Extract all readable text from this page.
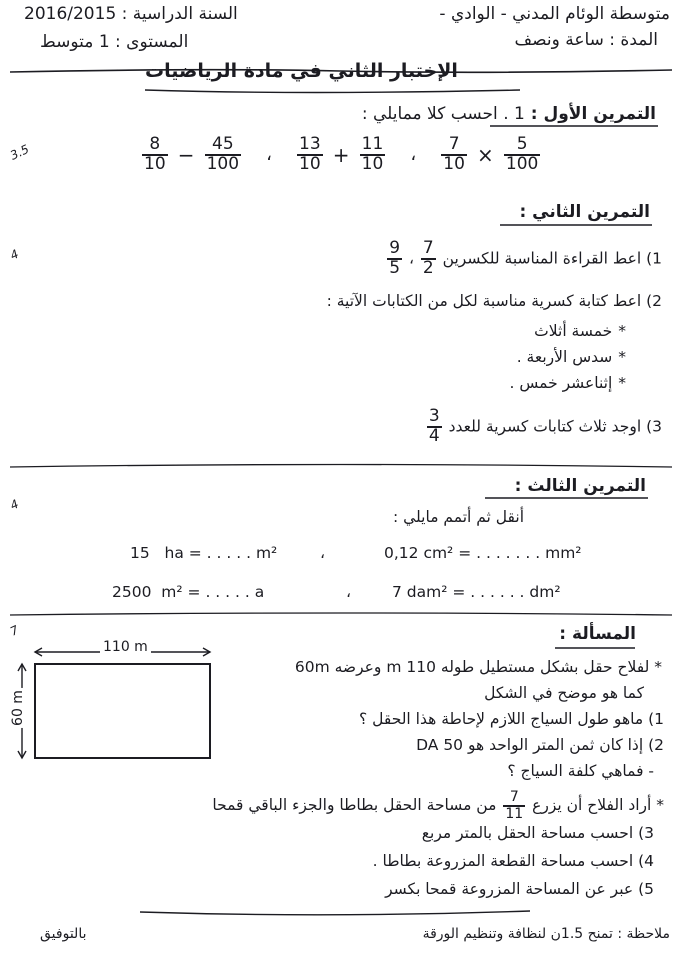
متوسطة الوئام المدني - الوادي -
المدة : ساعة ونصف
السنة الدراسية : 2016/2015
المستوى : 1 متوسط
الإختبار الثاني في مادة الرياضيات
3.5
التمرين الأول : 1 . احسب كلا ممايلي :
$\frac{8}{10} - \frac{45}{100}$ ، $\frac{13}{10} + \frac{11}{10}$ ، $\frac{7}{10} \times \frac{5}{100}$
4
التمرين الثاني :
1) اعط القراءة المناسبة للكسرين
$\frac{7}{2}$
،
$\frac{9}{5}$
2) اعط كتابة كسرية مناسبة لكل من الكتابات الآتية :
*خمسة أثلاث
*سدس الأربعة .
*إثناعشر خمس .
3) اوجد ثلاث كتابات كسرية للعدد
$\frac{3}{4}$
4
التمرين الثالث :
أنقل ثم أتمم مايلي :
15   ha = . . . . . m²	،	0,12 cm² = . . . . . . . mm²
2500  m² = . . . . . a	،	7 dam² = . . . . . . dm²
7	المسألة :
110 m
60 m
* لفلاح حقل بشكل مستطيل طوله 110 m وعرضه 60m
كما هو موضح في الشكل
1) ماهو طول السياج اللازم لإحاطة هذا الحقل ؟
2) إذا كان ثمن المتر الواحد هو 50 DA
- فماهي كلفة السياج ؟
* أراد الفلاح أن يزرع
$\frac{7}{11}$
من مساحة الحقل بطاطا والجزء الباقي قمحا
3) احسب مساحة الحقل بالمتر مربع
4) احسب مساحة القطعة المزروعة بطاطا .
5) عبر عن المساحة المزروعة قمحا بكسر
ملاحظة : تمنح 1.5ن لنظافة وتنظيم الورقة
بالتوفيق
